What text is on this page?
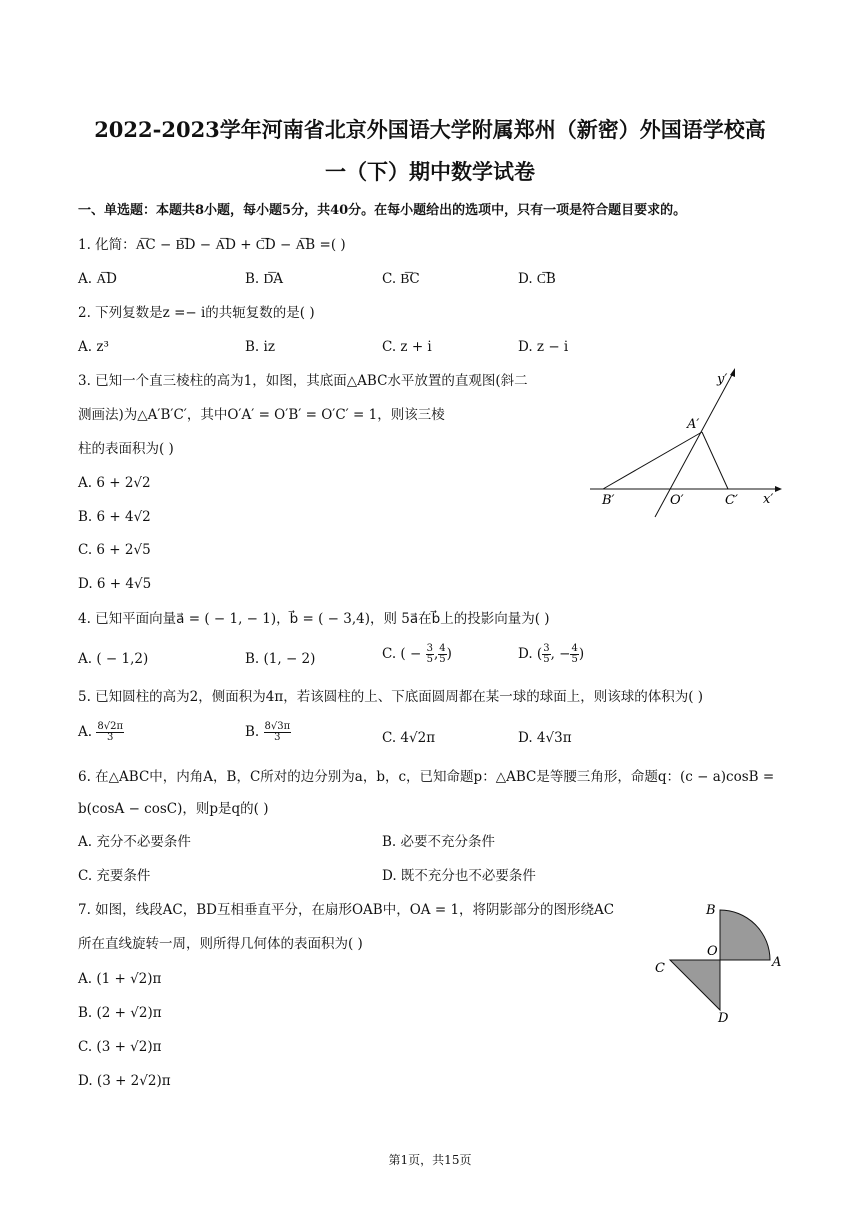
2022-2023学年河南省北京外国语大学附属郑州（新密）外国语学校高
一（下）期中数学试卷
一、单选题：本题共8小题，每小题5分，共40分。在每小题给出的选项中，只有一项是符合题目要求的。
1. 化简：A͞C − B͞D − A͞D + C͞D − A͞B =( )
A. A͞D	B. D͞A	C. B͞C	D. C͞B
2. 下列复数是z =− i的共轭复数的是( )
A. z³	B. iz	C. z + i	D. z − i
3. 已知一个直三棱柱的高为1，如图，其底面△ABC水平放置的直观图(斜二
测画法)为△A′B′C′，其中O′A′ = O′B′ = O′C′ = 1，则该三棱
柱的表面积为( )
A. 6 + 2√2
B. 6 + 4√2
C. 6 + 2√5
D. 6 + 4√5
y′
x′
A′
B′	O′	C′
4. 已知平面向量a⃗ = ( − 1, − 1)，b⃗ = ( − 3,4)，则 5a⃗在b⃗上的投影向量为( )
A. ( − 1,2)	B. (1, − 2)	C. ( − $\frac{3}{5}$ , $\frac{4}{5}$ )	D. ( $\frac{3}{5}$ , − $\frac{4}{5}$ )
5. 已知圆柱的高为2，侧面积为4π，若该圆柱的上、下底面圆周都在某一球的球面上，则该球的体积为( )
A. $\frac{8√2\pi}{3}$	B. $\frac{8√3\pi}{3}$	C. 4√2π	D. 4√3π
6. 在△ABC中，内角A，B，C所对的边分别为a，b，c，已知命题p：△ABC是等腰三角形，命题q：(c − a)cosB =
b(cosA − cosC)，则p是q的( )
A. 充分不必要条件	B. 必要不充分条件
C. 充要条件	D. 既不充分也不必要条件
7. 如图，线段AC，BD互相垂直平分，在扇形OAB中，OA = 1，将阴影部分的图形绕AC
所在直线旋转一周，则所得几何体的表面积为( )
A. (1 + √2)π
B. (2 + √2)π
C. (3 + √2)π
D. (3 + 2√2)π
B
O
A
C
D
第1页，共15页
